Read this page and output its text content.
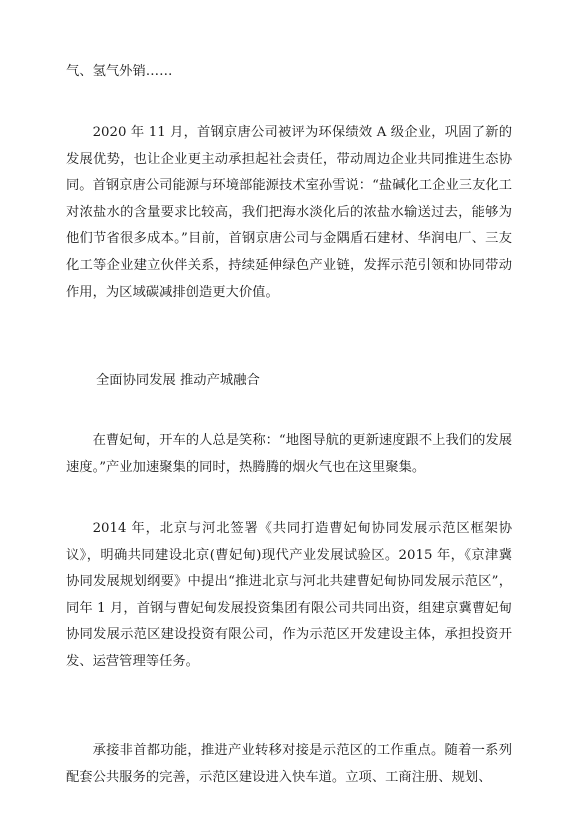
气、氢气外销……

2020 年 11 月，首钢京唐公司被评为环保绩效 A 级企业，巩固了新的发展优势，也让企业更主动承担起社会责任，带动周边企业共同推进生态协同。首钢京唐公司能源与环境部能源技术室孙雪说：“盐碱化工企业三友化工对浓盐水的含量要求比较高，我们把海水淡化后的浓盐水输送过去，能够为他们节省很多成本。”目前，首钢京唐公司与金隅盾石建材、华润电厂、三友化工等企业建立伙伴关系，持续延伸绿色产业链，发挥示范引领和协同带动作用，为区域碳减排创造更大价值。

全面协同发展 推动产城融合

在曹妃甸，开车的人总是笑称：“地图导航的更新速度跟不上我们的发展速度。”产业加速聚集的同时，热腾腾的烟火气也在这里聚集。

2014 年，北京与河北签署《共同打造曹妃甸协同发展示范区框架协议》，明确共同建设北京(曹妃甸)现代产业发展试验区。2015 年，《京津冀协同发展规划纲要》中提出“推进北京与河北共建曹妃甸协同发展示范区”，同年 1 月，首钢与曹妃甸发展投资集团有限公司共同出资，组建京冀曹妃甸协同发展示范区建设投资有限公司，作为示范区开发建设主体，承担投资开发、运营管理等任务。

承接非首都功能，推进产业转移对接是示范区的工作重点。随着一系列配套公共服务的完善，示范区建设进入快车道。立项、工商注册、规划、
